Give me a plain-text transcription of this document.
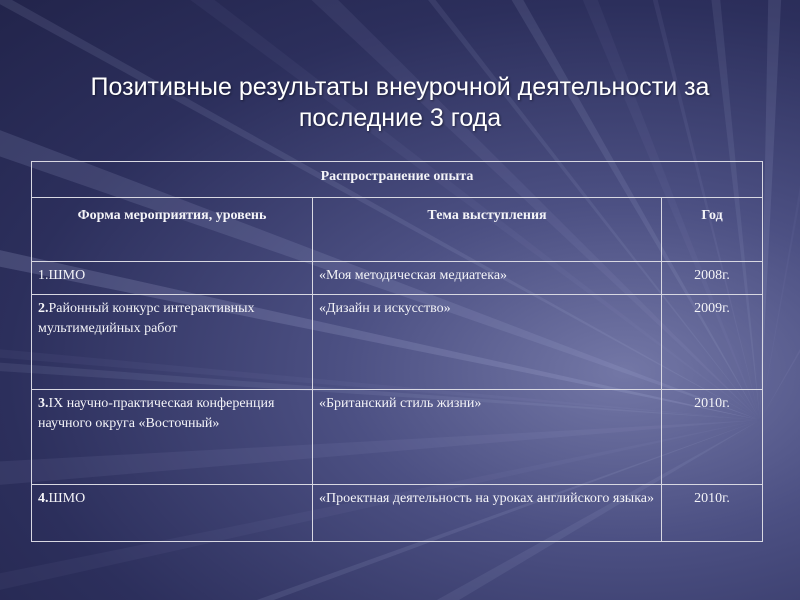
Позитивные результаты внеурочной деятельности за
последние 3 года
Распространение опыта		
Форма мероприятия, уровень	Тема выступления	Год
1.ШМО	«Моя методическая медиатека»	2008г.
2.Районный конкурс интерактивных мультимедийных работ	«Дизайн и искусство»	2009г.
3.IX научно-практическая конференция научного округа «Восточный»	«Британский стиль жизни»	2010г.
4.ШМО	«Проектная деятельность на уроках английского языка»	2010г.
